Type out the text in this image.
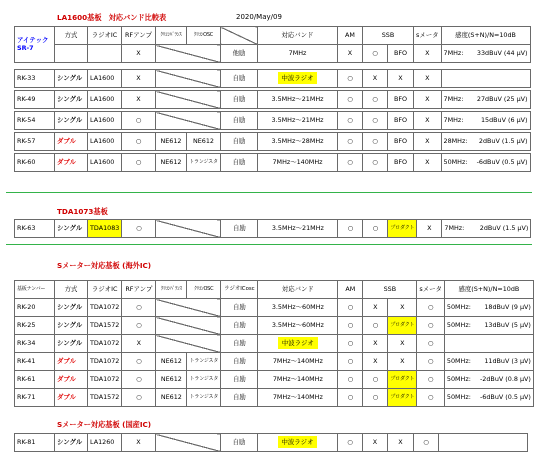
LA1600基板　対応バンド比較表	2020/May/09
アイテック
SR-7	方式	ラジオIC	RFアンプ	ｸﾘｺﾝﾊﾞﾗﾝｽ	ｸﾘｺﾝOSC		対応バンド	AM	SSB		sメータ	感度(S+N)/N=10dB
			X			他励	7MHz	X	○	BFO	X	7MHz: 33dBuV (44 μV)

RK-33	シングル	LA1600	X			自励	中波ラジオ	○	X	X	X	

RK-49	シングル	LA1600	X			自励	3.5MHz～21MHz	○	○	BFO	X	7MHz: 27dBuV (25 μV)

RK-54	シングル	LA1600	○			自励	3.5MHz～21MHz	○	○	BFO	X	7MHz: 15dBuV (6 μV)

RK-57	ダブル	LA1600	○	NE612	NE612	自励	3.5MHz～28MHz	○	○	BFO	X	28MHz: 2dBuV (1.5 μV)

RK-60	ダブル	LA1600	○	NE612	トランジスタ	自励	7MHz～140MHz	○	○	BFO	X	50MHz: -6dBuV (0.5 μV)
TDA1073基板
RK-63	シングル	TDA1083	○		自励	3.5MHz～21MHz	○	○	プロダクト	X	7MHz: 2dBuV (1.5 μV)
Sメーター対応基板 (海外IC)
基板ナンバー	方式	ラジオIC	RFアンプ	ｸﾘｺﾝﾊﾞﾗﾝｽ	ｸﾘｺﾝOSC	ラジオICosc	対応バンド	AM	SSB		sメータ	感度(S+N)/N=10dB
RK-20	シングル	TDA1072	○			自励	3.5MHz～60MHz	○	X	X	○	50MHz: 18dBuV (9 μV)

RK-25	シングル	TDA1572	○			自励	3.5MHz～60MHz	○	○	プロダクト	○	50MHz: 13dBuV (5 μV)

RK-34	シングル	TDA1072	X			自励	中波ラジオ	○	X	X	○	

RK-41	ダブル	TDA1072	○	NE612	トランジスタ	自励	7MHz～140MHz	○	X	X	○	50MHz: 11dBuV (3 μV)

RK-61	ダブル	TDA1072	○	NE612	トランジスタ	自励	7MHz～140MHz	○	○	プロダクト	○	50MHz: -2dBuV (0.8 μV)

RK-71	ダブル	TDA1572	○	NE612	トランジスタ	自励	7MHz～140MHz	○	○	プロダクト	○	50MHz: -6dBuV (0.5 μV)
Sメーター対応基板 (国産IC)
RK-81	シングル	LA1260	X		自励	中波ラジオ	○	X	X	○	
